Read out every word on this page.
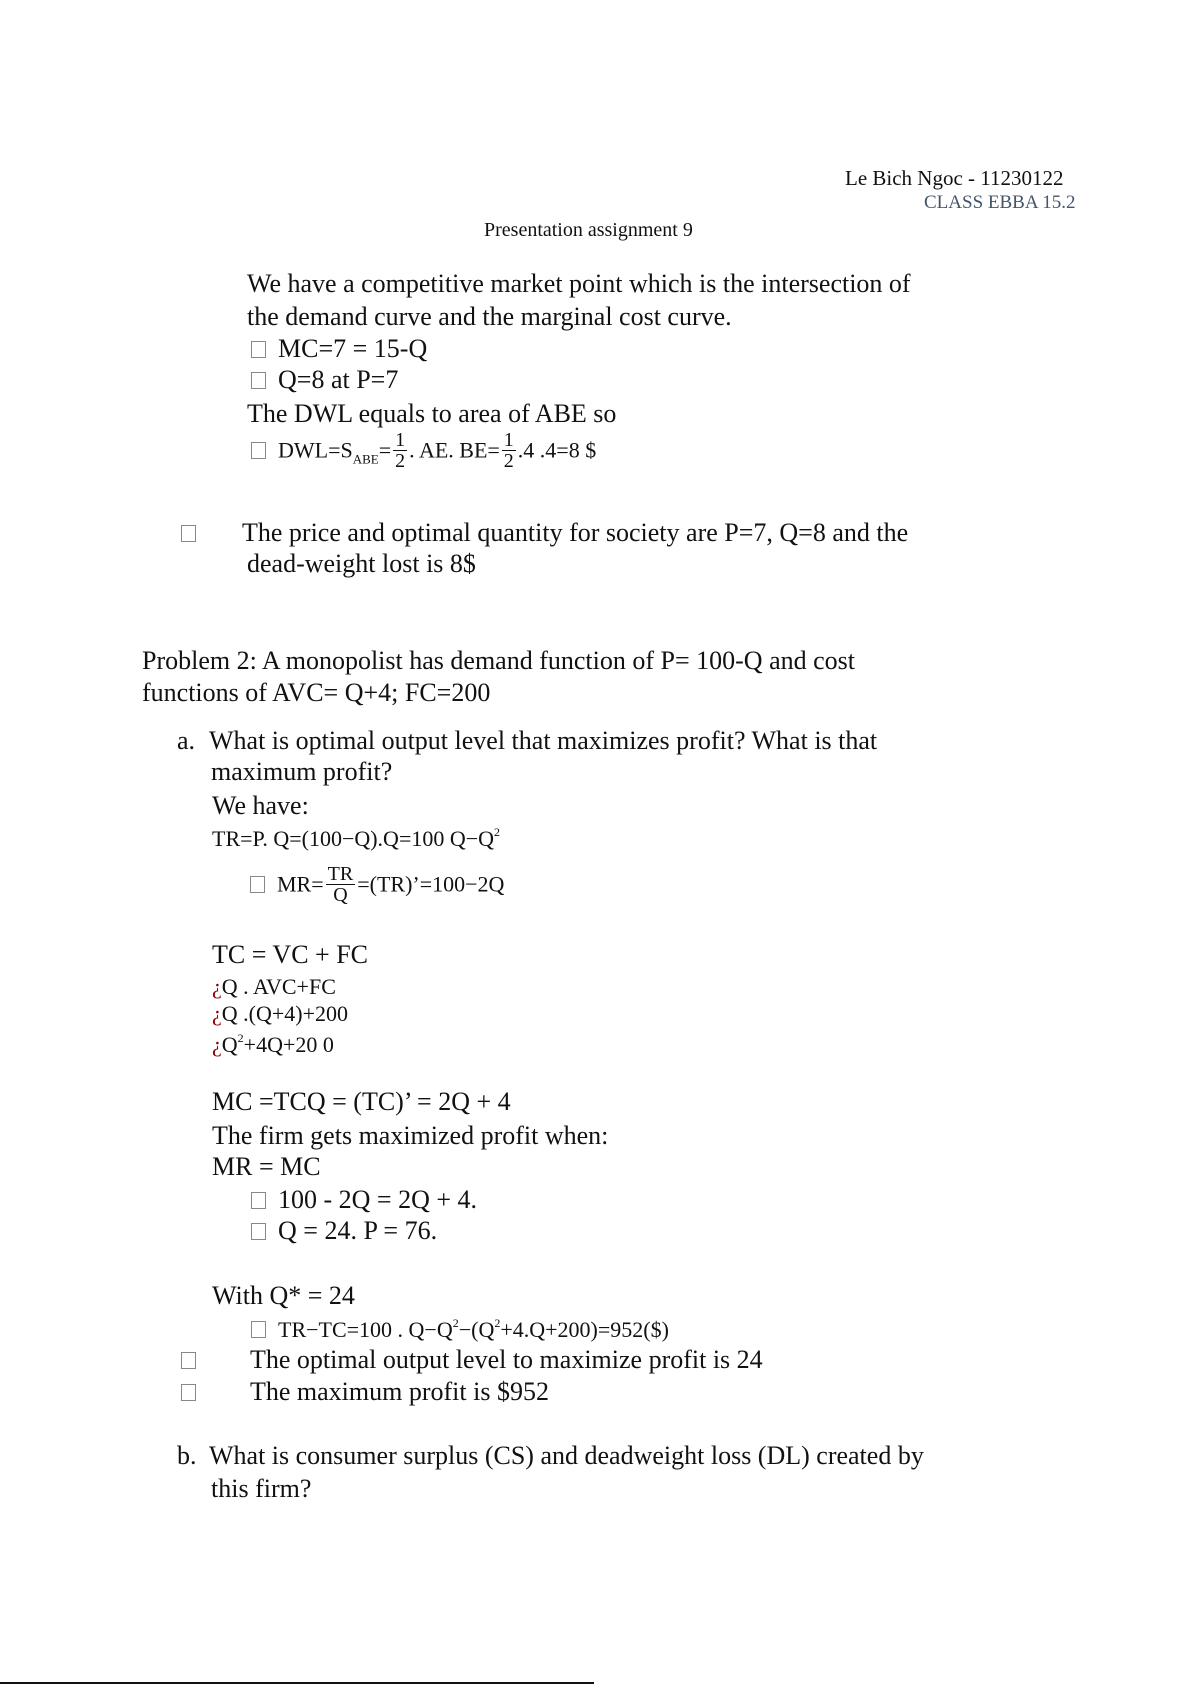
Le Bich Ngoc - 11230122
CLASS EBBA 15.2
Presentation assignment 9
We have a competitive market point which is the intersection of
the demand curve and the marginal cost curve.
MC=7 = 15-Q
Q=8 at P=7
The DWL equals to area of ABE so
$DWL=S_{ABE}= \frac{1}{2}$ . AE. $BE= \frac{1}{2} .4$ .4=8 $
The price and optimal quantity for society are P=7, Q=8 and the
dead-weight lost is 8$
Problem 2: A monopolist has demand function of P= 100-Q and cost
functions of AVC= Q+4; FC=200
a. What is optimal output level that maximizes profit? What is that
maximum profit?
We have:
TR=P. Q=(100−Q).Q=100 $Q-Q^2$
$MR= \frac{TR}{Q}$ =(TR)’=100−2Q
TC = VC + FC
¿Q . AVC+FC
¿Q .(Q+4)+200
¿$Q^2+4Q+20$ 0
MC =TCQ = (TC)’ = 2Q + 4
The firm gets maximized profit when:
MR = MC
100 - 2Q = 2Q + 4.
Q = 24. P = 76.
With Q* = 24
TR−TC=100 . $Q-Q^2-(Q^2+4.Q+200)=952(\$)$
The optimal output level to maximize profit is 24
The maximum profit is $952
b. What is consumer surplus (CS) and deadweight loss (DL) created by
this firm?
